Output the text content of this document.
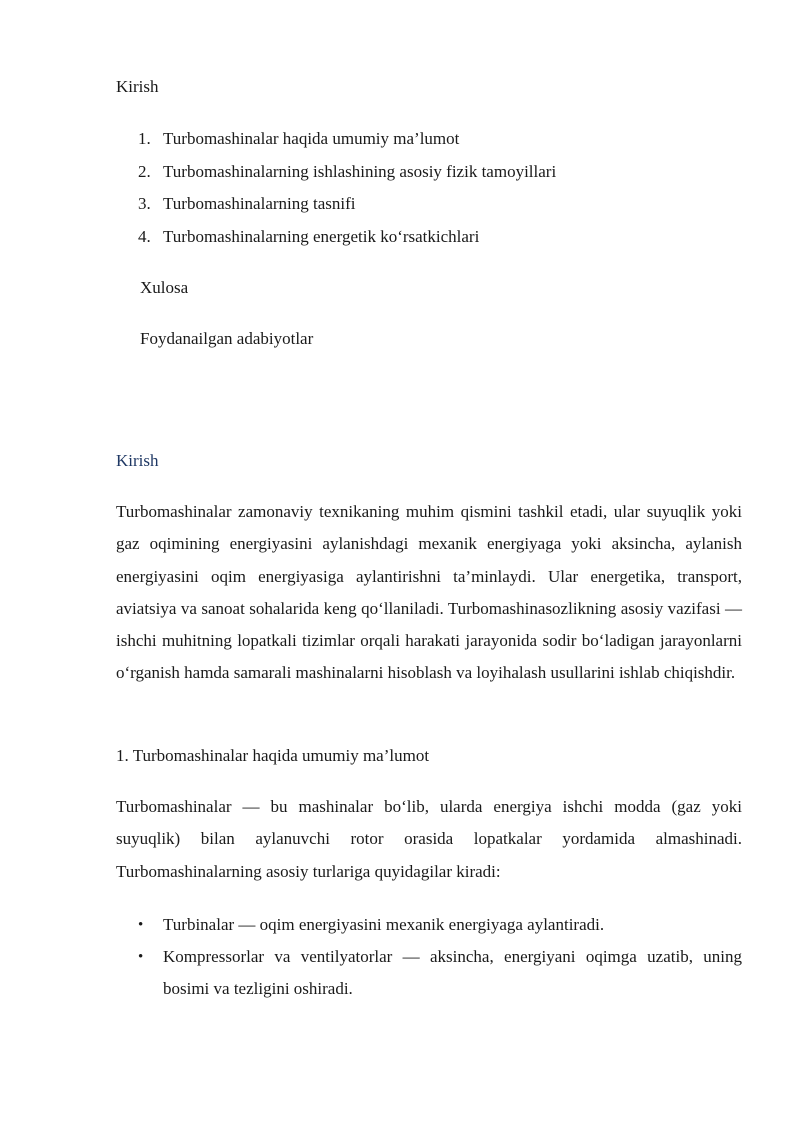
Kirish
1. Turbomashinalar haqida umumiy ma’lumot
2. Turbomashinalarning ishlashining asosiy fizik tamoyillari
3. Turbomashinalarning tasnifi
4. Turbomashinalarning energetik ko‘rsatkichlari
Xulosa
Foydanailgan adabiyotlar
Kirish

Turbomashinalar zamonaviy texnikaning muhim qismini tashkil etadi, ular suyuqlik yoki gaz oqimining energiyasini aylanishdagi mexanik energiyaga yoki aksincha, aylanish energiyasini oqim energiyasiga aylantirishni ta’minlaydi. Ular energetika, transport, aviatsiya va sanoat sohalarida keng qo‘llaniladi. Turbomashinasozlikning asosiy vazifasi — ishchi muhitning lopatkali tizimlar orqali harakati jarayonida sodir bo‘ladigan jarayonlarni o‘rganish hamda samarali mashinalarni hisoblash va loyihalash usullarini ishlab chiqishdir.

1. Turbomashinalar haqida umumiy ma’lumot

Turbomashinalar — bu mashinalar bo‘lib, ularda energiya ishchi modda (gaz yoki suyuqlik) bilan aylanuvchi rotor orasida lopatkalar yordamida almashinadi. Turbomashinalarning asosiy turlariga quyidagilar kiradi:

• Turbinalar — oqim energiyasini mexanik energiyaga aylantiradi.
• Kompressorlar va ventilyatorlar — aksincha, energiyani oqimga uzatib, uning bosimi va tezligini oshiradi.
